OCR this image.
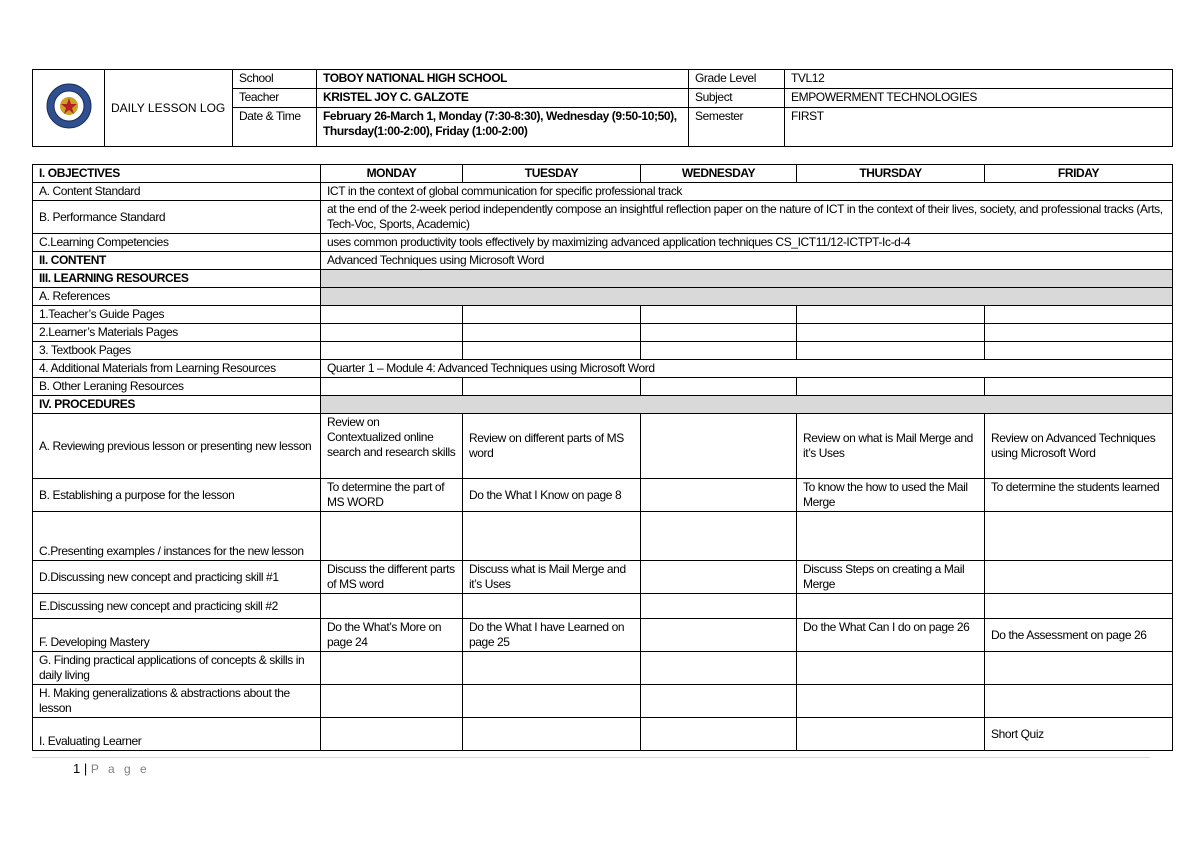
	DAILY LESSON LOG	School	TOBOY NATIONAL HIGH SCHOOL	Grade Level	TVL12
		Teacher	KRISTEL JOY C. GALZOTE	Subject	EMPOWERMENT TECHNOLOGIES
		Date & Time	February 26-March 1, Monday (7:30-8:30), Wednesday (9:50-10;50), Thursday(1:00-2:00), Friday (1:00-2:00)	Semester	FIRST
I. OBJECTIVES	MONDAY	TUESDAY	WEDNESDAY	THURSDAY	FRIDAY
A. Content Standard	ICT in the context of global communication for specific professional track				
B. Performance Standard	at the end of the 2-week period independently compose an insightful reflection paper on the nature of ICT in the context of their lives, society, and professional tracks (Arts, Tech-Voc, Sports, Academic)				
C.Learning Competencies	uses common productivity tools effectively by maximizing advanced application techniques CS_ICT11/12-ICTPT-Ic-d-4				
II. CONTENT	Advanced Techniques using Microsoft Word				
III. LEARNING RESOURCES					
A. References					
1.Teacher’s Guide Pages					
2.Learner’s Materials Pages					
3. Textbook Pages					
4. Additional Materials from Learning Resources	Quarter 1 – Module 4: Advanced Techniques using Microsoft Word				
B. Other Leraning Resources					
IV. PROCEDURES					
A. Reviewing previous lesson or presenting new lesson	Review on Contextualized online search and research skills	Review on different parts of MS word		Review on what is Mail Merge and it’s Uses	Review on Advanced Techniques using Microsoft Word
B. Establishing a purpose for the lesson	To determine the part of MS WORD	Do the What I Know on page 8		To know the how to used the Mail Merge	To determine the students learned
C.Presenting examples / instances for the new lesson					
D.Discussing new concept and practicing skill #1	Discuss the different parts of MS word	Discuss what is Mail Merge and it’s Uses		Discuss Steps on creating a Mail Merge	
E.Discussing new concept and practicing skill #2					
F. Developing Mastery	Do the What’s More on page 24	Do the What I have Learned on page 25		Do the What Can I do on page 26	Do the Assessment on page 26
G. Finding practical applications of concepts & skills in daily living					
H. Making generalizations & abstractions about the lesson					
I. Evaluating Learner					Short Quiz
1 | P a g e
